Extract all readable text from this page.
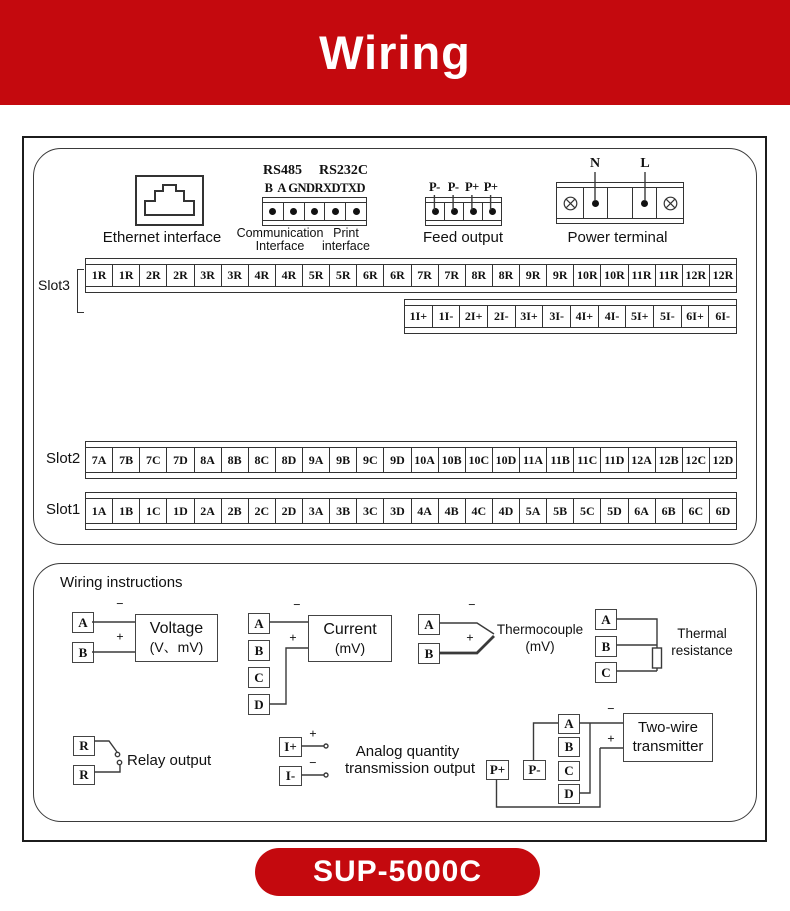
Wiring
Ethernet interface
RS485 RS232C
B A GND RXD TXD
Communication
Interface
Print
interface
P- P- P+ P+
Feed output
N	L
Power terminal
Slot3
1R	1R	2R	2R	3R	3R	4R	4R	5R	5R	6R	6R	7R	7R	8R	8R	9R	9R 10R 10R 11R 11R 12R 12R
1I+ 1I- 2I+ 2I- 3I+ 3I- 4I+ 4I- 5I+ 5I- 6I+ 6I-
Slot2 7A	7B	7C	7D	8A	8B	8C	8D	9A	9B	9C	9D 10A 10B 10C 10D 11A 11B 11C 11D 12A 12B 12C 12D
Slot1 1A	1B	1C	1D	2A	2B	2C	2D	3A	3B	3C	3D	4A	4B	4C	4D	5A	5B	5C	5D	6A	6B	6C	6D
Wiring instructions
A
B
−
+ Voltage
(V、mV)
A
B
C
D
−
+ Current
(mV)
A
B
−
+
Thermocouple
(mV)
A
B
C
Thermal
resistance
R
R
Relay output
I+
I-
+
−
Analog quantity
transmission output P+	P-
A
B
C
D
−
+
Two-wire
transmitter
SUP-5000C
